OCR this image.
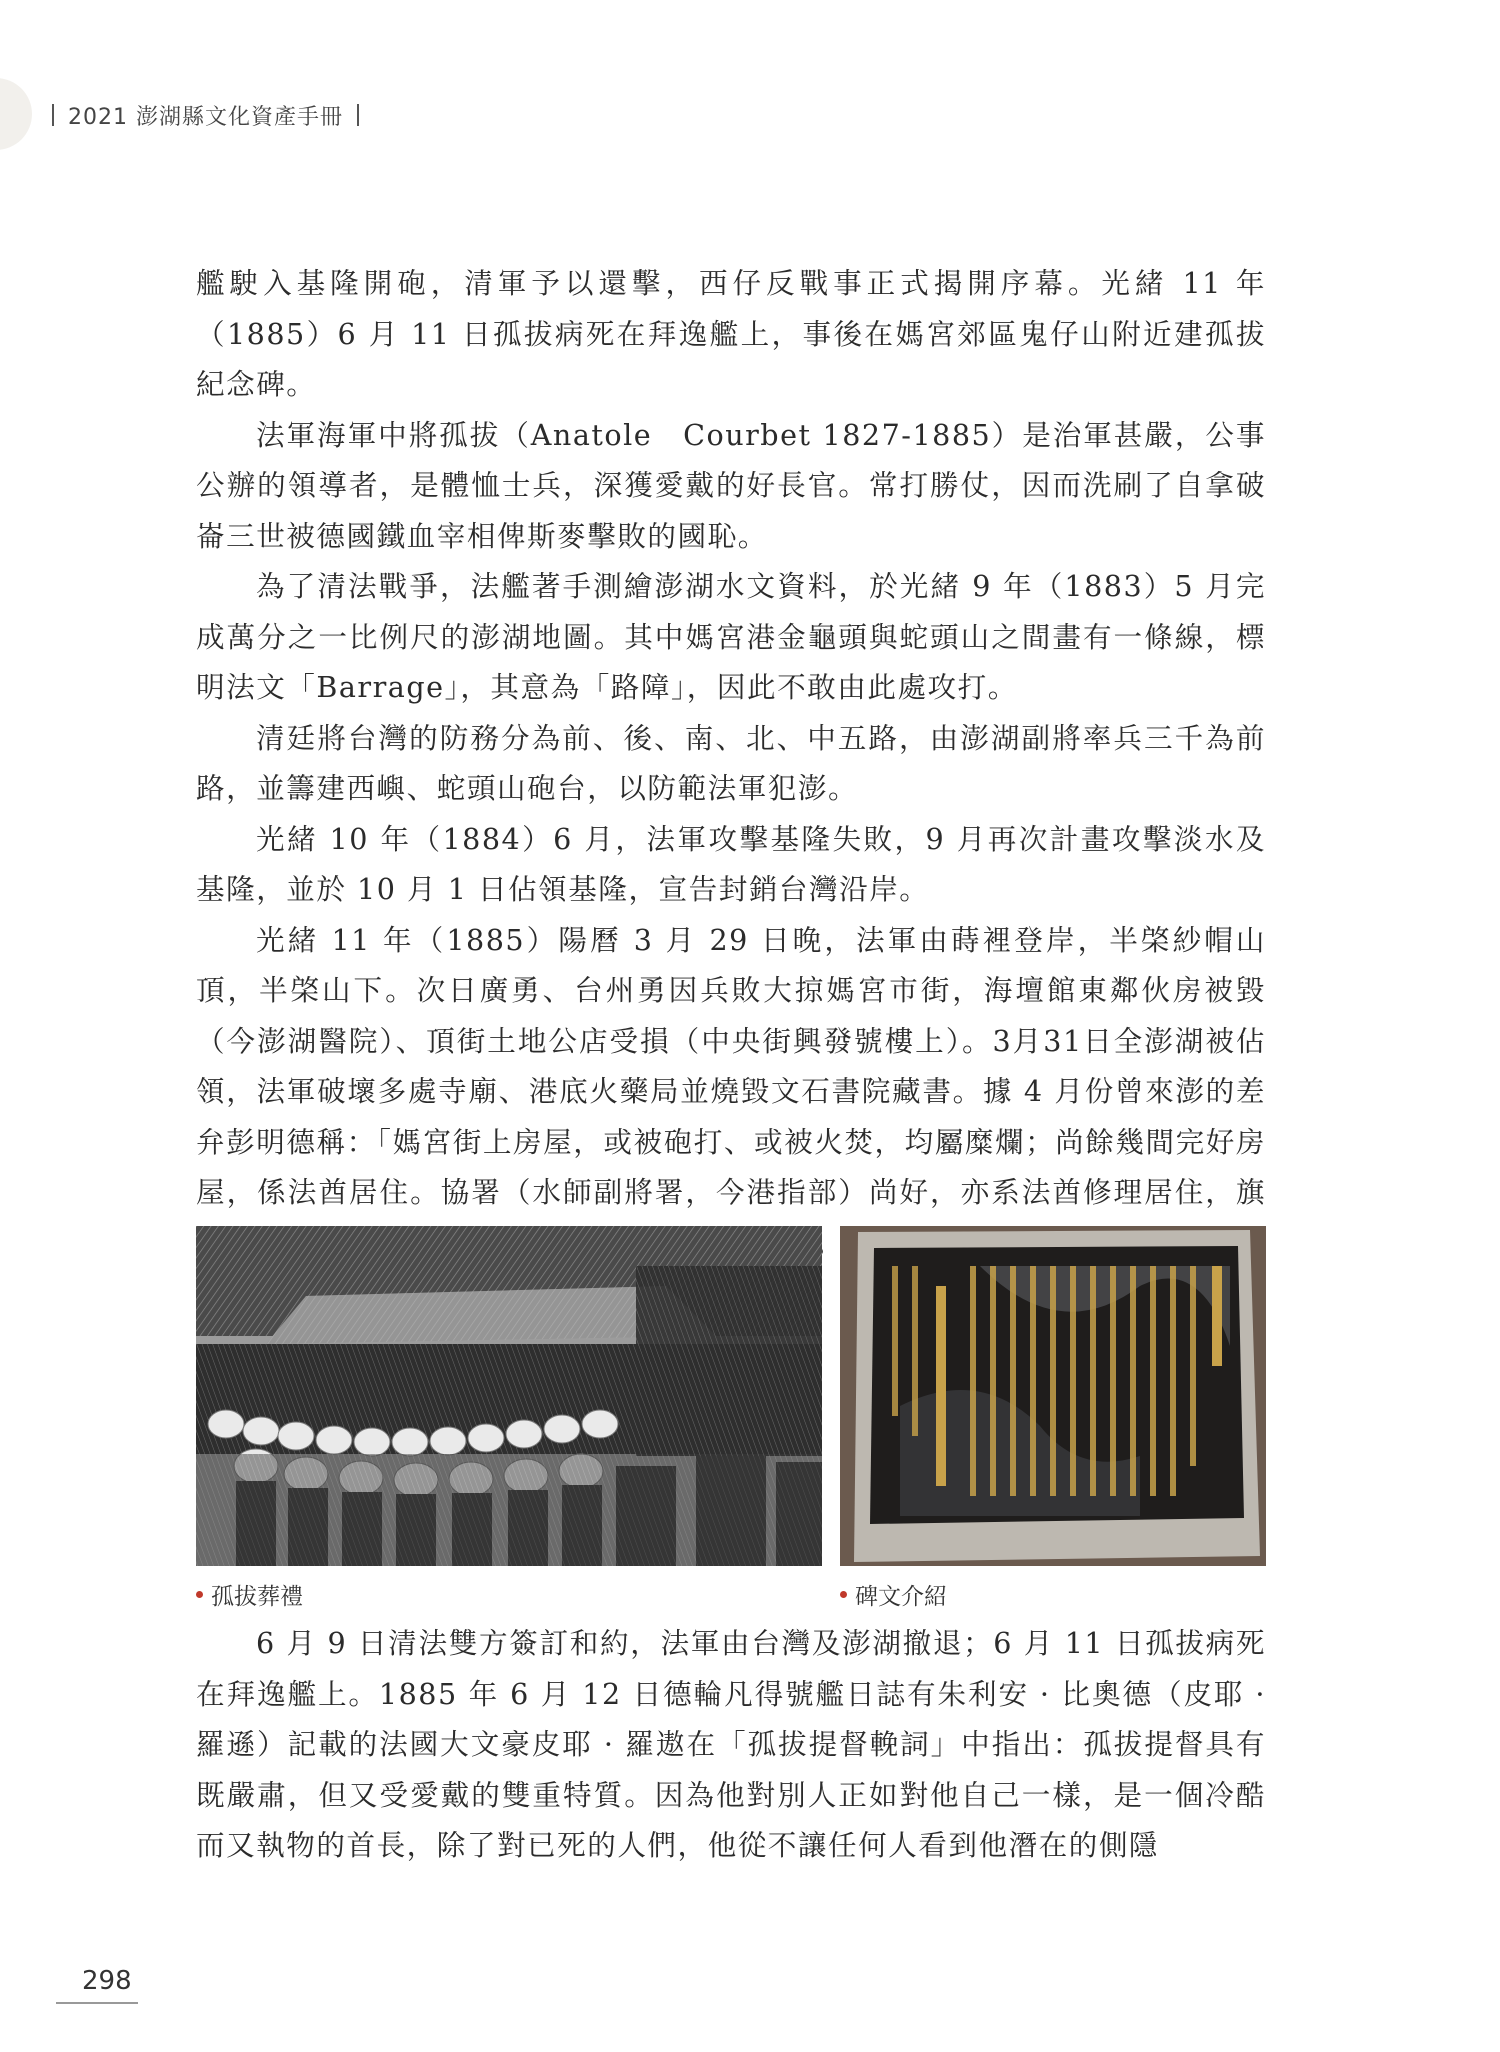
2021 澎湖縣文化資產手冊

艦駛入基隆開砲，清軍予以還擊，西仔反戰事正式揭開序幕。光緒 11 年（1885）6 月 11 日孤拔病死在拜逸艦上，事後在媽宮郊區鬼仔山附近建孤拔紀念碑。

法軍海軍中將孤拔（Anatole　Courbet 1827-1885）是治軍甚嚴，公事公辦的領導者，是體恤士兵，深獲愛戴的好長官。常打勝仗，因而洗刷了自拿破崙三世被德國鐵血宰相俾斯麥擊敗的國恥。

為了清法戰爭，法艦著手測繪澎湖水文資料，於光緒 9 年（1883）5 月完成萬分之一比例尺的澎湖地圖。其中媽宮港金龜頭與蛇頭山之間畫有一條線，標明法文「Barrage」，其意為「路障」，因此不敢由此處攻打。

清廷將台灣的防務分為前、後、南、北、中五路，由澎湖副將率兵三千為前路，並籌建西嶼、蛇頭山砲台，以防範法軍犯澎。

光緒 10 年（1884）6 月，法軍攻擊基隆失敗，9 月再次計畫攻擊淡水及基隆，並於 10 月 1 日佔領基隆，宣告封銷台灣沿岸。

光緒 11 年（1885）陽曆 3 月 29 日晚，法軍由蒔裡登岸，半棨紗帽山頂，半棨山下。次日廣勇、台州勇因兵敗大掠媽宮市街，海壇館東鄰伙房被毀（今澎湖醫院）、頂街土地公店受損（中央街興發號樓上）。3月31日全澎湖被佔領，法軍破壞多處寺廟、港底火藥局並燒毀文石書院藏書。據 4 月份曾來澎的差弁彭明德稱：「媽宮街上房屋，或被砲打、或被火焚，均屬糜爛；尚餘幾間完好房屋，係法酋居住。協署（水師副將署，今港指部）尚好，亦系法酋修理居住，旗 。

孤拔葬禮	碑文介紹

6 月 9 日清法雙方簽訂和約，法軍由台灣及澎湖撤退；6 月 11 日孤拔病死在拜逸艦上。1885 年 6 月 12 日德輪凡得號艦日誌有朱利安 · 比奧德（皮耶 · 羅遜）記載的法國大文豪皮耶 · 羅遨在「孤拔提督輓詞」中指出：孤拔提督具有既嚴肅，但又受愛戴的雙重特質。因為他對別人正如對他自己一樣，是一個冷酷而又執物的首長，除了對已死的人們，他從不讓任何人看到他潛在的側隱

298
